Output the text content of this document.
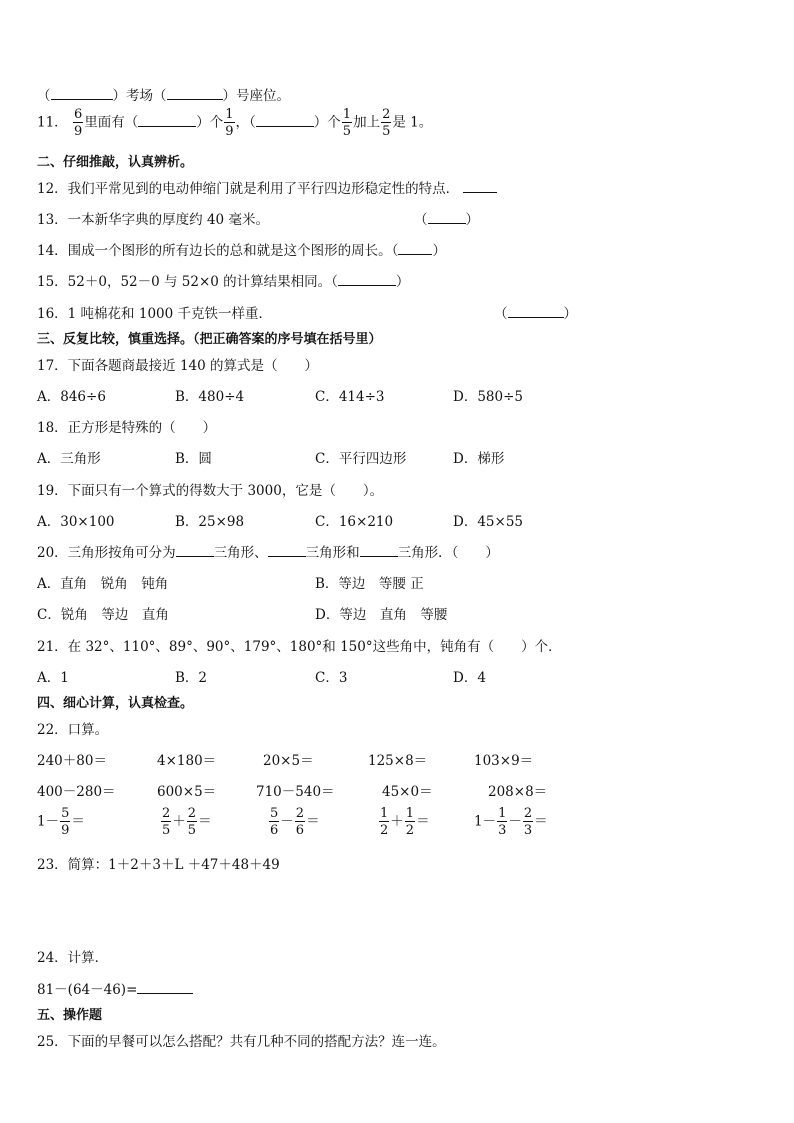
（	）考场（	）号座位。
11． $\frac{6}{9}$ 里面有（	）个 $\frac{1}{9}$ ，（	）个 $\frac{1}{5}$ 加上 $\frac{2}{5}$ 是 1。
二、仔细推敲，认真辨析。
12．我们平常见到的电动伸缩门就是利用了平行四边形稳定性的特点．
13．一本新华字典的厚度约 40 毫米。	（	）
14．围成一个图形的所有边长的总和就是这个图形的周长。（	）
15．52＋0，52－0 与 52×0 的计算结果相同。（	）
16．1 吨棉花和 1000 千克铁一样重．	（	）
三、反复比较，慎重选择。（把正确答案的序号填在括号里）
17．下面各题商最接近 140 的算式是（　　）
A．846÷6	B．480÷4	C．414÷3	D．580÷5
18．正方形是特殊的（　　）
A．三角形	B．圆	C．平行四边形	D．梯形
19．下面只有一个算式的得数大于 3000，它是（　　）。
A．30×100	B．25×98	C．16×210	D．45×55
20．三角形按角可分为	三角形、	三角形和	三角形．（　　）
A．直角　锐角　钝角	B．等边　等腰 正
C．锐角　等边　直角	D．等边　直角　等腰
21．在 32°、110°、89°、90°、179°、180°和 150°这些角中，钝角有（　　）个．
A．1	B．2	C．3	D．4
四、细心计算，认真检查。
22．口算。
240＋80＝	4×180＝	20×5＝	125×8＝	103×9＝
400－280＝	600×5＝	710－540＝	45×0＝	208×8＝
$1- \frac{5}{9}$ ＝	$\frac{2}{5} + \frac{2}{5}$ ＝	$\frac{5}{6} - \frac{2}{6}$ ＝	$\frac{1}{2} + \frac{1}{2}$ ＝	$1- \frac{1}{3} - \frac{2}{3}$ ＝
23．简算：1＋2＋3＋L ＋47＋48＋49
24．计算．
81－(64－46)=
五、操作题
25．下面的早餐可以怎么搭配？共有几种不同的搭配方法？连一连。
